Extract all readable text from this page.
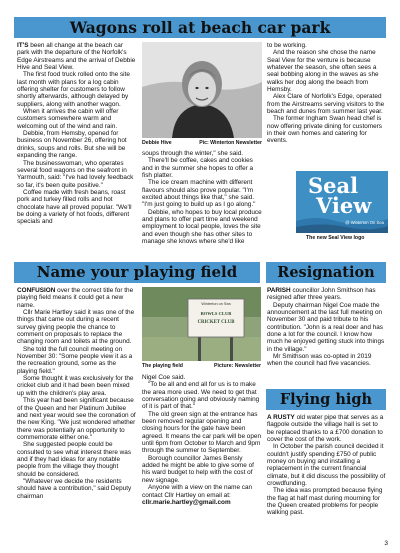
Wagons roll at beach car park

IT'S been all change at the beach car park with the departure of the Norfolk's Edge Airstreams and the arrival of Debbie Hive and Seal View.

The first food truck rolled onto the site last month with plans for a log cabin offering shelter for customers to follow shortly afterwards, although delayed by suppliers, along with another wagon.

When it arrives the cabin will offer customers somewhere warm and welcoming out of the wind and rain.

Debbie, from Hemsby, opened for business on November 26, offering hot drinks, soups and rolls. But she will be expanding the range.

The businesswoman, who operates several food wagons on the seafront in Yarmouth, said: "I've had lovely feedback so far, it's been quite positive."

Coffee made with fresh beans, roast pork and turkey filled rolls and hot chocolate have all proved popular. "We'll be doing a variety of hot foods, different specials and

Debbie Hive	Pic: Winterton Newsletter

soups through the winter," she said.

There'll be coffee, cakes and cookies and in the summer she hopes to offer a fish platter.

The ice cream machine with different flavours should also prove popular. "I'm excited about things like that," she said. "I'm just going to build up as I go along."

Debbie, who hopes to buy local produce and plans to offer part time and weekend employment to local people, loves the site and even though she has other sites to manage she knows where she'd like

to be working.

And the reason she chose the name Seal View for the venture is because whatever the season, she often sees a seal bobbing along in the waves as she walks her dog along the beach from Hemsby.

Alex Clare of Norfolk's Edge, operated from the Airstreams serving visitors to the beach and dunes from summer last year.

The former Ingham Swan head chef is now offering private dining for customers in their own homes and catering for events.

Seal
View
@ Winterton On Sea
The new Seal View logo
Name your playing field

CONFUSION over the correct title for the playing field means it could get a new name.

Cllr Marie Hartley said it was one of the things that came out during a recent survey giving people the chance to comment on proposals to replace the changing room and toilets at the ground.

She told the full council meeting on November 30: "Some people view it as a the recreation ground, some as the playing field."

Some thought it was exclusively for the cricket club and it had been been mixed up with the children's play area.

This year had been significant because of the Queen and her Platinum Jubilee and next year would see the coronation of the new King. "We just wondered whether there was potentially an opportunity to commemorate either one."

She suggested people could be consulted to see what interest there was and if they had ideas for any notable people from the village they thought should be considered.

"Whatever we decide the residents should have a contribution," said Deputy chairman

Winterton on Sea
BOWLS CLUB
CRICKET CLUB
The playing field	Picture: Newsletter

Nigel Coe said.

"To be all and end all for us is to make the area more used. We need to get that conversation going and obviously naming of it is part of that."

The old green sign at the entrance has been removed regular opening and closing hours for the gate have been agreed. It means the car park will be open until 6pm from October to March and 9pm through the summer to September.

Borough councillor James Bensly added he might be able to give some of his ward budget to help with the cost of new signage.

Anyone with a view on the name can contact Cllr Hartley on email at:

cllr.marie.hartley@gmail.com

Resignation

PARISH councillor John Smithson has resigned after three years.

Deputy chairman Nigel Coe made the announcement at the last full meeting on November 30 and paid tribute to his contribution. "John is a real doer and has done a lot for the council. I know how much he enjoyed getting stuck into things in the village."

Mr Smithson was co-opted in 2019 when the council had five vacancies.

Flying high

A RUSTY old water pipe that serves as a flagpole outside the village hall is set to be replaced thanks to a £700 donation to cover the cost of the work.

In October the parish council decided it couldn't justify spending £750 of public money on buying and installing a replacement in the current financial climate, but it did discuss the possibility of crowdfunding.

The idea was prompted because flying the flag at half mast during mourning for the Queen created problems for people walking past.

3
